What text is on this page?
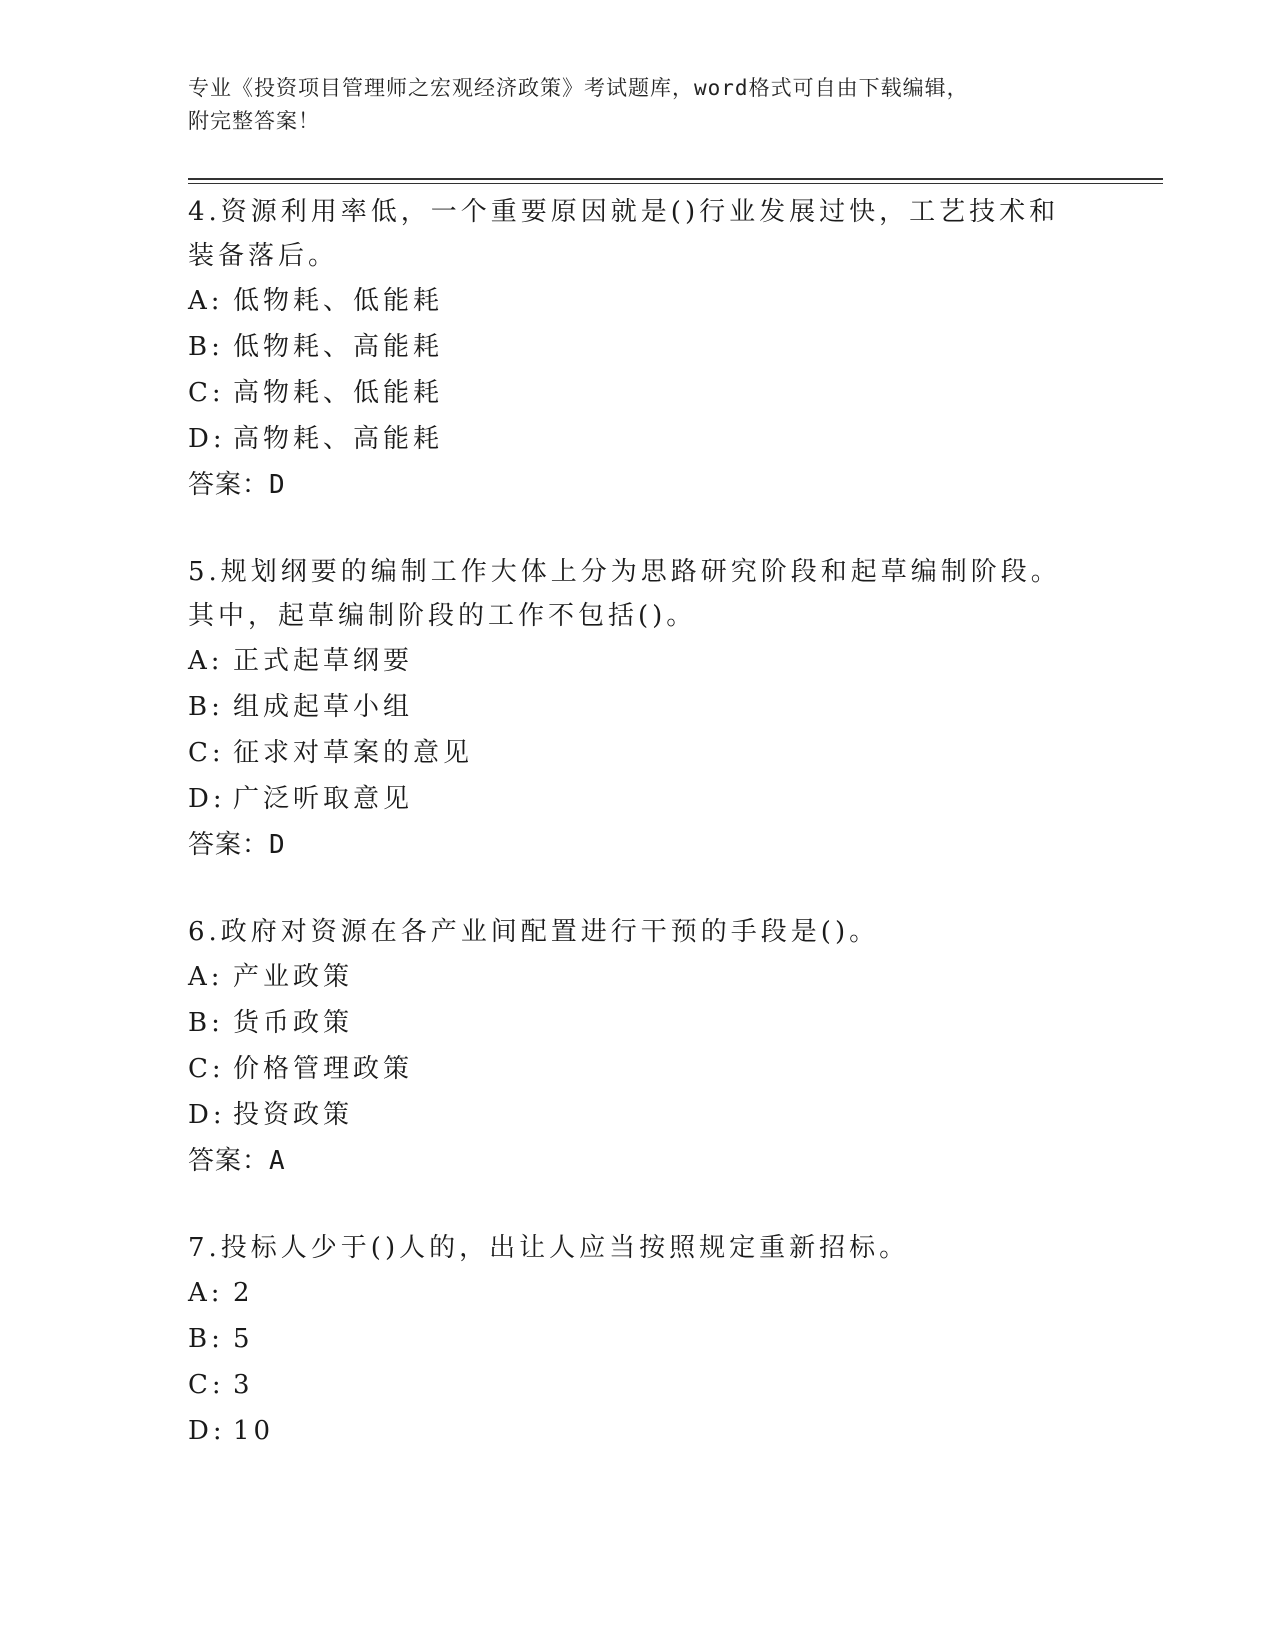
专业《投资项目管理师之宏观经济政策》考试题库，word格式可自由下载编辑，
附完整答案！
4.资源利用率低，一个重要原因就是()行业发展过快，工艺技术和装备落后。
A: 低物耗、低能耗
B: 低物耗、高能耗
C: 高物耗、低能耗
D: 高物耗、高能耗
答案：D
5.规划纲要的编制工作大体上分为思路研究阶段和起草编制阶段。其中，起草编制阶段的工作不包括()。
A: 正式起草纲要
B: 组成起草小组
C: 征求对草案的意见
D: 广泛听取意见
答案：D
6.政府对资源在各产业间配置进行干预的手段是()。
A: 产业政策
B: 货币政策
C: 价格管理政策
D: 投资政策
答案：A
7.投标人少于()人的，出让人应当按照规定重新招标。
A: 2
B: 5
C: 3
D: 10
